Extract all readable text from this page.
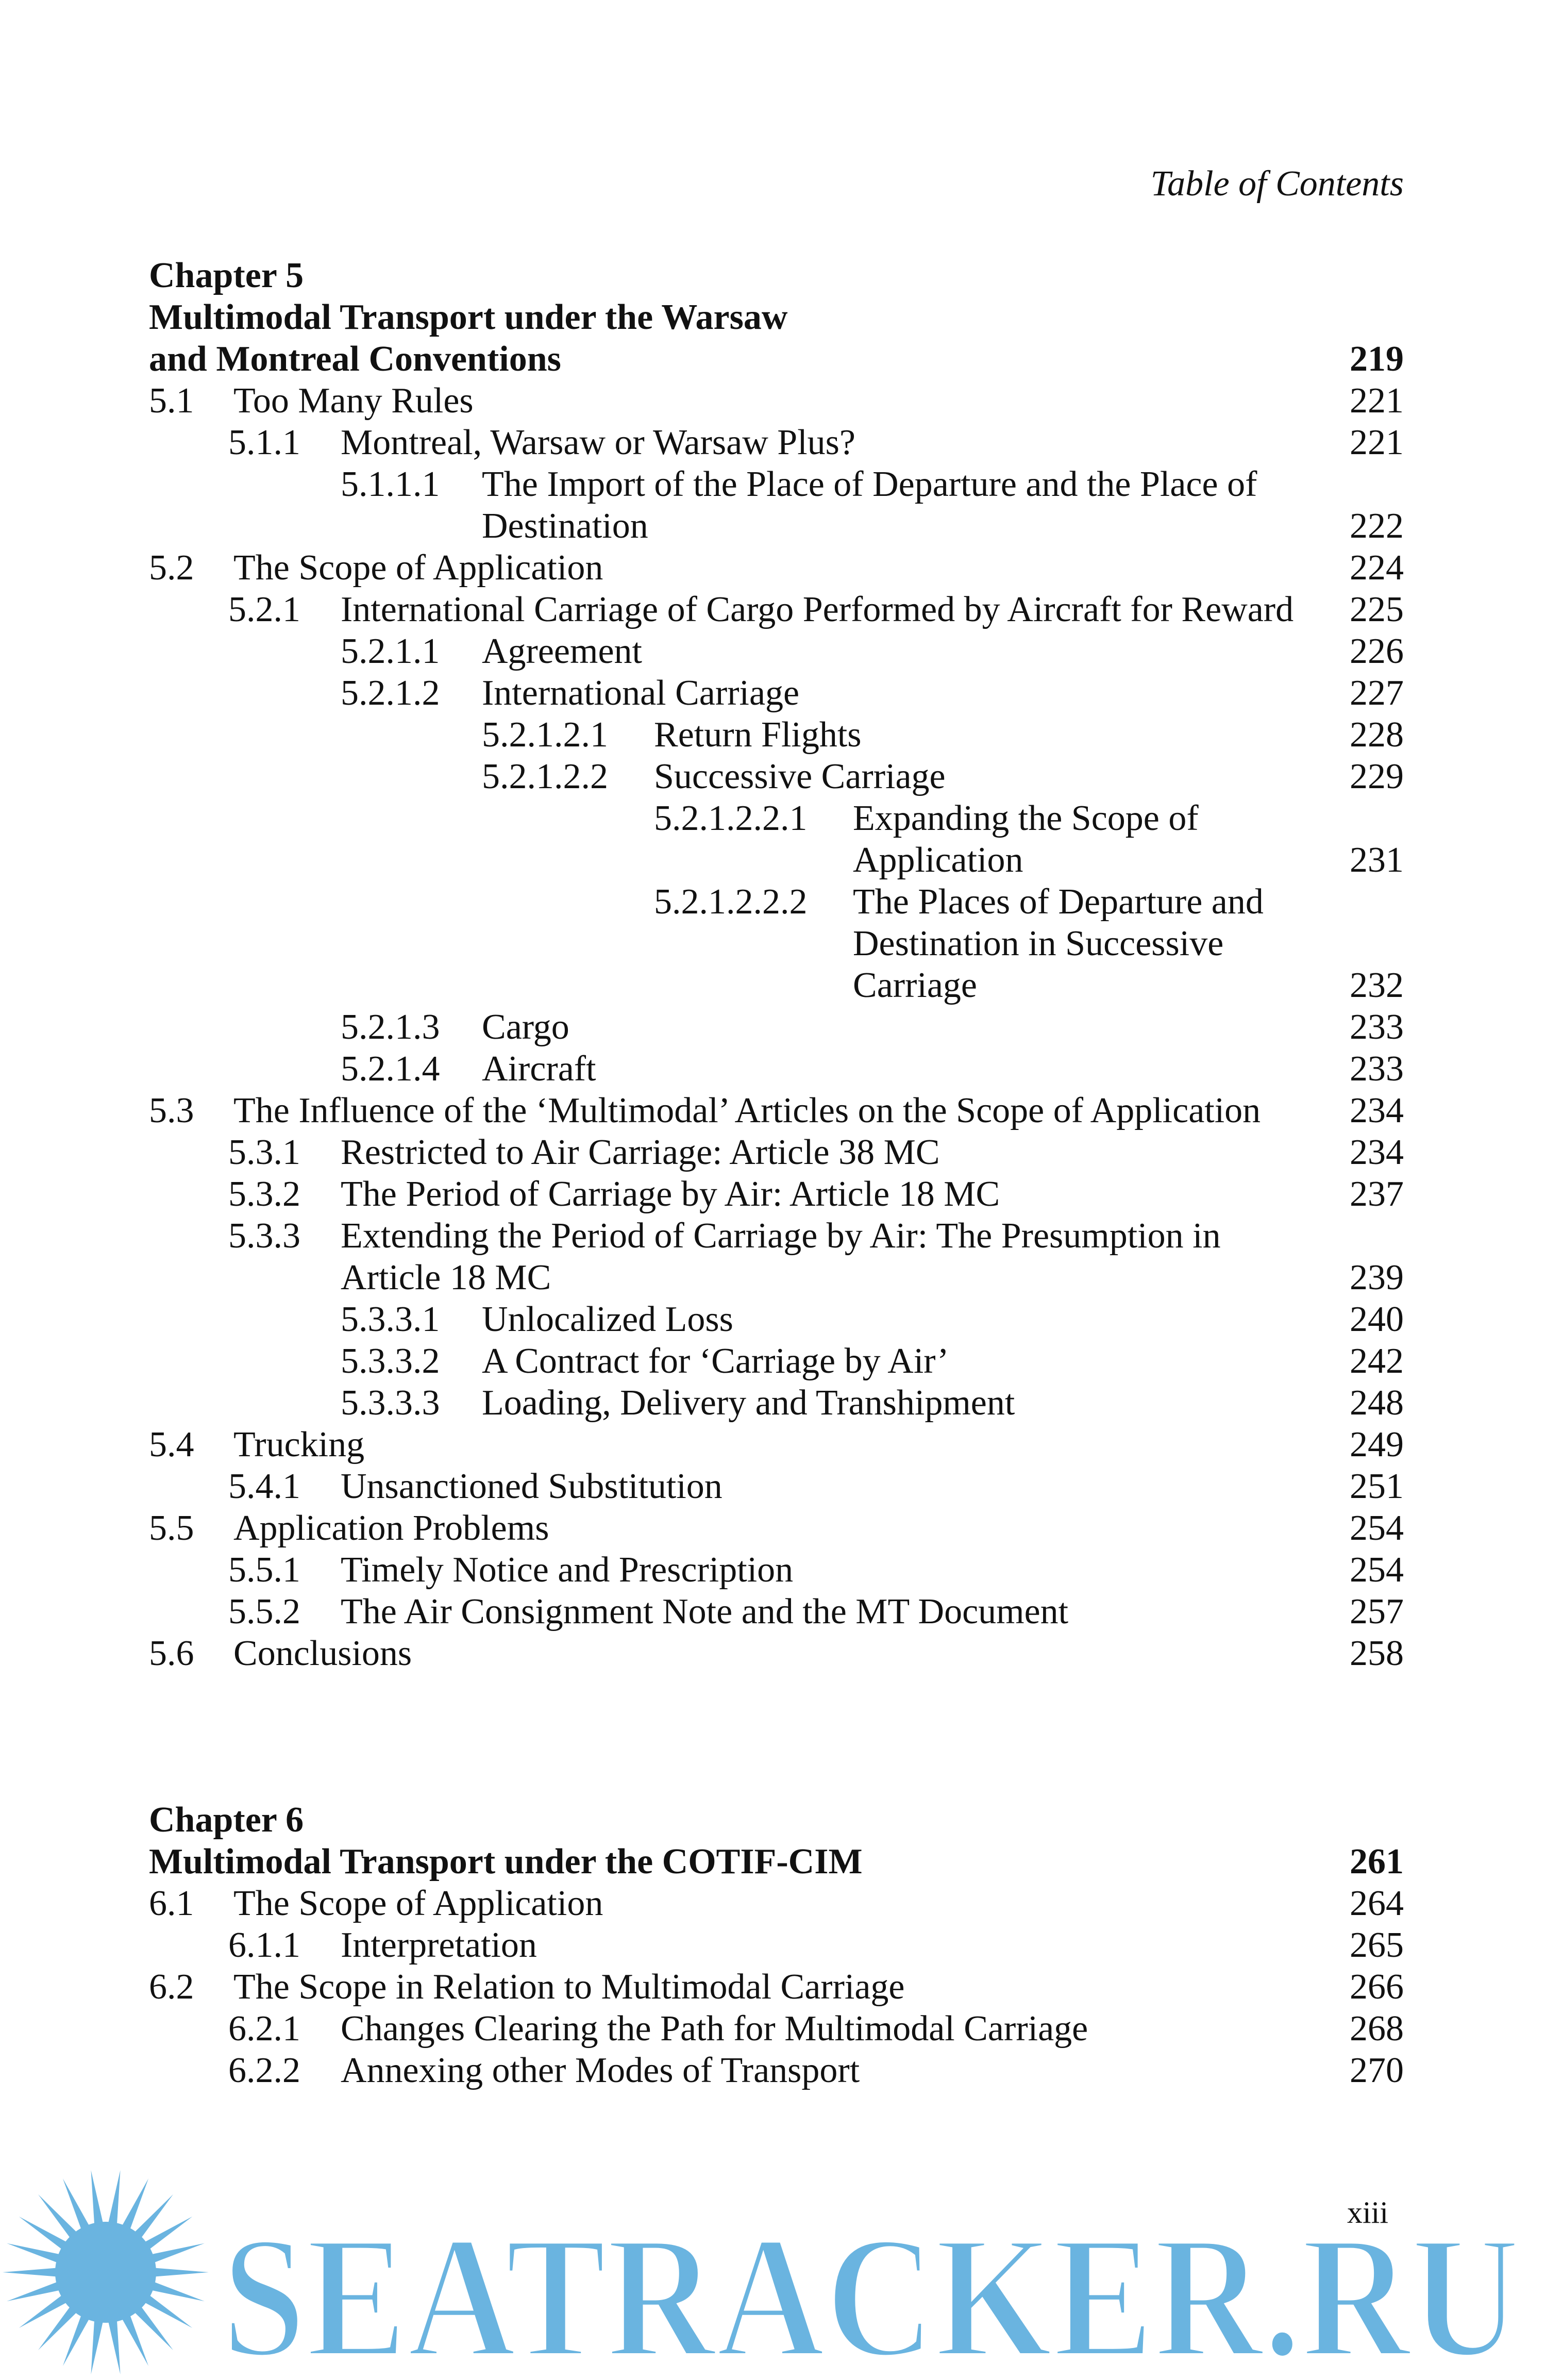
Table of Contents
Chapter 5
Multimodal Transport under the Warsaw
and Montreal Conventions	219
5.1	Too Many Rules	221
5.1.1	Montreal, Warsaw or Warsaw Plus?	221
5.1.1.1	The Import of the Place of Departure and the Place of Destination	222
5.2	The Scope of Application	224
5.2.1	International Carriage of Cargo Performed by Aircraft for Reward	225
5.2.1.1	Agreement	226
5.2.1.2	International Carriage	227
5.2.1.2.1	Return Flights	228
5.2.1.2.2	Successive Carriage	229
5.2.1.2.2.1	Expanding the Scope of Application	231
5.2.1.2.2.2	The Places of Departure and Destination in Successive Carriage	232
5.2.1.3	Cargo	233
5.2.1.4	Aircraft	233
5.3	The Influence of the ‘Multimodal’ Articles on the Scope of Application	234
5.3.1	Restricted to Air Carriage: Article 38 MC	234
5.3.2	The Period of Carriage by Air: Article 18 MC	237
5.3.3	Extending the Period of Carriage by Air: The Presumption in Article 18 MC	239
5.3.3.1	Unlocalized Loss	240
5.3.3.2	A Contract for ‘Carriage by Air’	242
5.3.3.3	Loading, Delivery and Transhipment	248
5.4	Trucking	249
5.4.1	Unsanctioned Substitution	251
5.5	Application Problems	254
5.5.1	Timely Notice and Prescription	254
5.5.2	The Air Consignment Note and the MT Document	257
5.6	Conclusions	258
Chapter 6
Multimodal Transport under the COTIF-CIM	261
6.1	The Scope of Application	264
6.1.1	Interpretation	265
6.2	The Scope in Relation to Multimodal Carriage	266
6.2.1	Changes Clearing the Path for Multimodal Carriage	268
6.2.2	Annexing other Modes of Transport	270
xiii
SEATRACKER.RU
